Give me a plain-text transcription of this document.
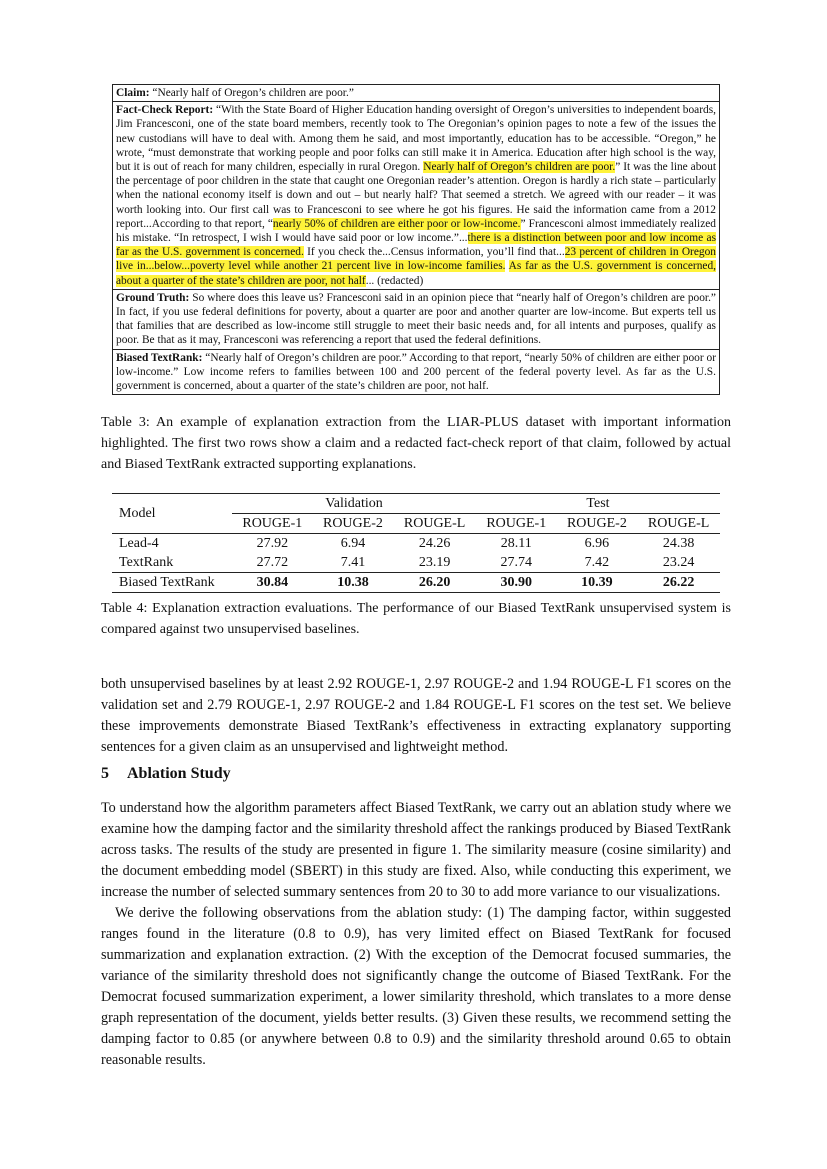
Claim: “Nearly half of Oregon’s children are poor.”
Fact-Check Report: “With the State Board of Higher Education handing oversight of Oregon’s universities to independent boards, Jim Francesconi, one of the state board members, recently took to The Oregonian’s opinion pages to note a few of the issues the new custodians will have to deal with. Among them he said, and most importantly, education has to be accessible. “Oregon,” he wrote, “must demonstrate that working people and poor folks can still make it in America. Education after high school is the way, but it is out of reach for many children, especially in rural Oregon. Nearly half of Oregon’s children are poor.” It was the line about the percentage of poor children in the state that caught one Oregonian reader’s attention. Oregon is hardly a rich state – particularly when the national economy itself is down and out – but nearly half? That seemed a stretch. We agreed with our reader – it was worth looking into. Our first call was to Francesconi to see where he got his figures. He said the information came from a 2012 report...According to that report, “nearly 50% of children are either poor or low-income.” Francesconi almost immediately realized his mistake. “In retrospect, I wish I would have said poor or low income.”...there is a distinction between poor and low income as far as the U.S. government is concerned. If you check the...Census information, you’ll find that...23 percent of children in Oregon live in...below...poverty level while another 21 percent live in low-income families. As far as the U.S. government is concerned, about a quarter of the state’s children are poor, not half... (redacted)
Ground Truth: So where does this leave us? Francesconi said in an opinion piece that “nearly half of Oregon’s children are poor.” In fact, if you use federal definitions for poverty, about a quarter are poor and another quarter are low-income. But experts tell us that families that are described as low-income still struggle to meet their basic needs and, for all intents and purposes, qualify as poor. Be that as it may, Francesconi was referencing a report that used the federal definitions.
Biased TextRank: “Nearly half of Oregon’s children are poor.” According to that report, “nearly 50% of children are either poor or low-income.” Low income refers to families between 100 and 200 percent of the federal poverty level. As far as the U.S. government is concerned, about a quarter of the state’s children are poor, not half.
Table 3: An example of explanation extraction from the LIAR-PLUS dataset with important information highlighted. The first two rows show a claim and a redacted fact-check report of that claim, followed by actual and Biased TextRank extracted supporting explanations.
Model	Validation			Test		
	ROUGE-1	ROUGE-2	ROUGE-L	ROUGE-1	ROUGE-2	ROUGE-L
Lead-4	27.92	6.94	24.26	28.11	6.96	24.38
TextRank	27.72	7.41	23.19	27.74	7.42	23.24
Biased TextRank	30.84	10.38	26.20	30.90	10.39	26.22
Table 4: Explanation extraction evaluations. The performance of our Biased TextRank unsupervised system is compared against two unsupervised baselines.
both unsupervised baselines by at least 2.92 ROUGE-1, 2.97 ROUGE-2 and 1.94 ROUGE-L F1 scores on the validation set and 2.79 ROUGE-1, 2.97 ROUGE-2 and 1.84 ROUGE-L F1 scores on the test set. We believe these improvements demonstrate Biased TextRank’s effectiveness in extracting explanatory supporting sentences for a given claim as an unsupervised and lightweight method.
5 Ablation Study
To understand how the algorithm parameters affect Biased TextRank, we carry out an ablation study where we examine how the damping factor and the similarity threshold affect the rankings produced by Biased TextRank across tasks. The results of the study are presented in figure 1. The similarity measure (cosine similarity) and the document embedding model (SBERT) in this study are fixed. Also, while conducting this experiment, we increase the number of selected summary sentences from 20 to 30 to add more variance to our visualizations.
We derive the following observations from the ablation study: (1) The damping factor, within suggested ranges found in the literature (0.8 to 0.9), has very limited effect on Biased TextRank for focused summarization and explanation extraction. (2) With the exception of the Democrat focused summaries, the variance of the similarity threshold does not significantly change the outcome of Biased TextRank. For the Democrat focused summarization experiment, a lower similarity threshold, which translates to a more dense graph representation of the document, yields better results. (3) Given these results, we recommend setting the damping factor to 0.85 (or anywhere between 0.8 to 0.9) and the similarity threshold around 0.65 to obtain reasonable results.
